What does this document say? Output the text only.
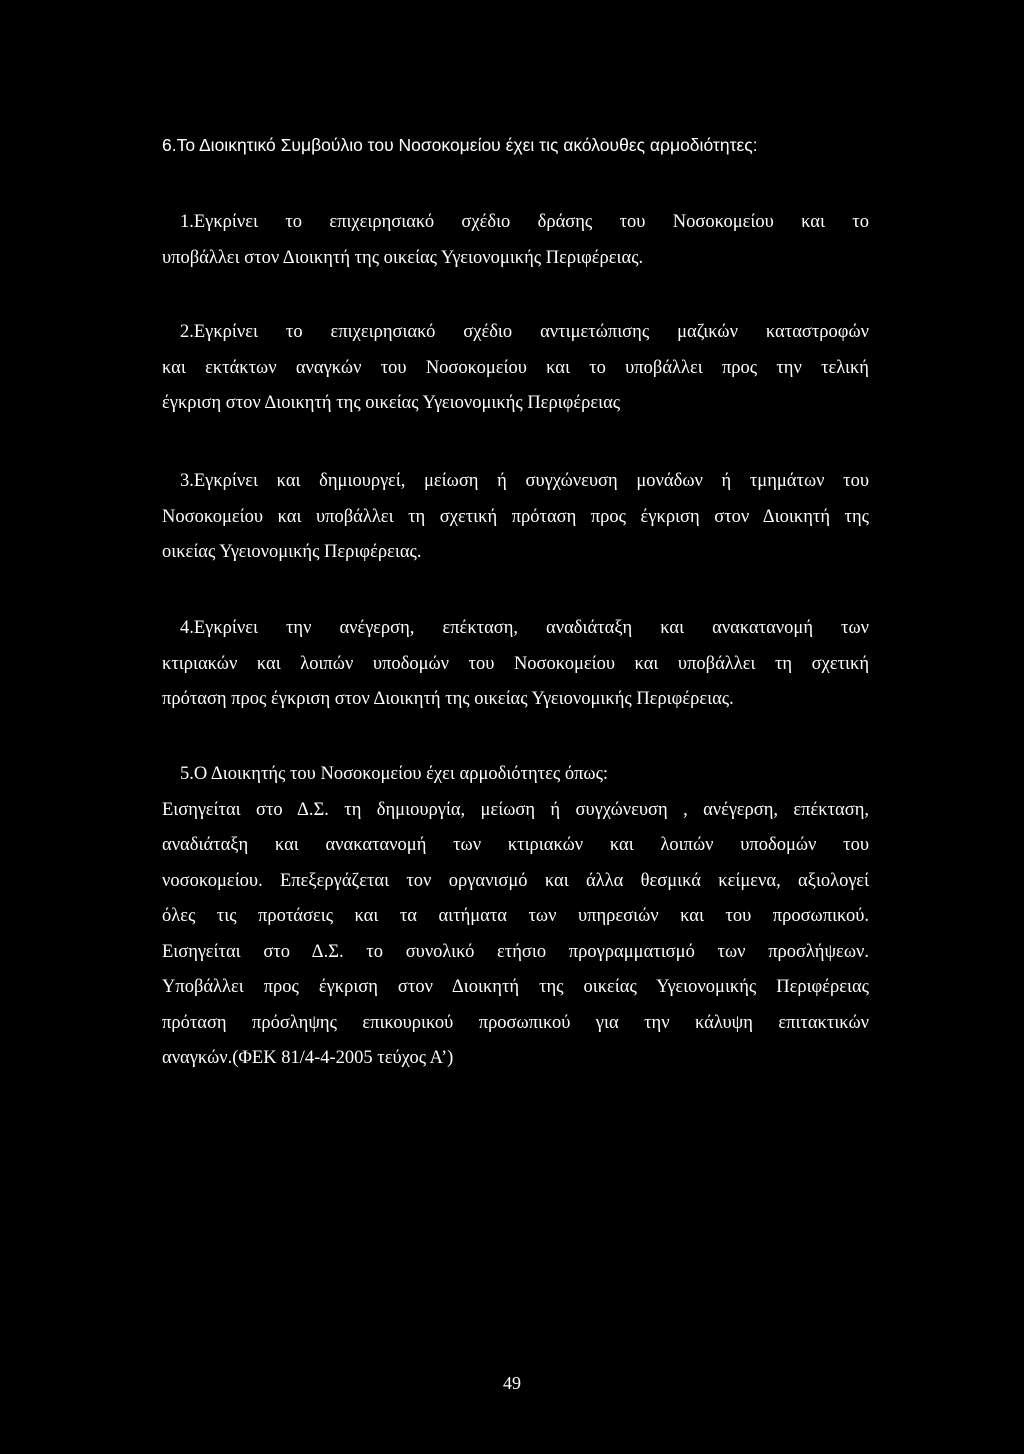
6.Το Διοικητικό Συμβούλιο του Νοσοκομείου έχει τις ακόλουθες αρμοδιότητες:
1.Εγκρίνει το επιχειρησιακό σχέδιο δράσης του Νοσοκομείου και το
υποβάλλει στον Διοικητή της οικείας Υγειονομικής Περιφέρειας.
2.Εγκρίνει το επιχειρησιακό σχέδιο αντιμετώπισης μαζικών καταστροφών
και εκτάκτων αναγκών του Νοσοκομείου και το υποβάλλει προς την τελική
έγκριση στον Διοικητή της οικείας Υγειονομικής Περιφέρειας
3.Εγκρίνει και δημιουργεί, μείωση ή συγχώνευση μονάδων ή τμημάτων του
Νοσοκομείου και υποβάλλει τη σχετική πρόταση προς έγκριση στον Διοικητή της
οικείας Υγειονομικής Περιφέρειας.
4.Εγκρίνει την ανέγερση, επέκταση, αναδιάταξη και ανακατανομή των
κτιριακών και λοιπών υποδομών του Νοσοκομείου και υποβάλλει τη σχετική
πρόταση προς έγκριση στον Διοικητή της οικείας Υγειονομικής Περιφέρειας.
5.Ο Διοικητής του Νοσοκομείου έχει αρμοδιότητες όπως:
Εισηγείται στο Δ.Σ. τη δημιουργία, μείωση ή συγχώνευση , ανέγερση, επέκταση,
αναδιάταξη και ανακατανομή των κτιριακών και λοιπών υποδομών του
νοσοκομείου. Επεξεργάζεται τον οργανισμό και άλλα θεσμικά κείμενα, αξιολογεί
όλες τις προτάσεις και τα αιτήματα των υπηρεσιών και του προσωπικού.
Εισηγείται στο Δ.Σ. το συνολικό ετήσιο προγραμματισμό των προσλήψεων.
Υποβάλλει προς έγκριση στον Διοικητή της οικείας Υγειονομικής Περιφέρειας
πρόταση πρόσληψης επικουρικού προσωπικού για την κάλυψη επιτακτικών
αναγκών.(ΦΕΚ 81/4-4-2005 τεύχος Α’)
49
